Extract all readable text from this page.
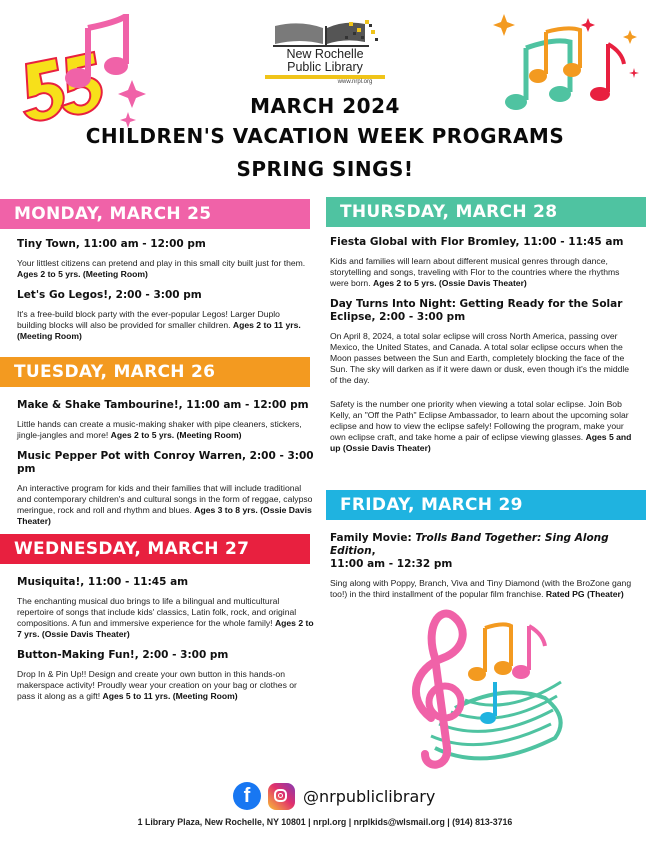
New Rochelle
Public Library
www.nrpl.org
MARCH 2024
CHILDREN'S VACATION WEEK PROGRAMS
SPRING SINGS!
MONDAY, MARCH 25
Tiny Town, 11:00 am - 12:00 pm
Your littlest citizens can pretend and play in this small city built just for them. Ages 2 to 5 yrs. (Meeting Room)
Let's Go Legos!, 2:00 - 3:00 pm
It's a free-build block party with the ever-popular Legos! Larger Duplo building blocks will also be provided for smaller children. Ages 2 to 11 yrs. (Meeting Room)
TUESDAY, MARCH 26
Make & Shake Tambourine!, 11:00 am - 12:00 pm
Little hands can create a music-making shaker with pipe cleaners, stickers, jingle-jangles and more! Ages 2 to 5 yrs. (Meeting Room)
Music Pepper Pot with Conroy Warren, 2:00 - 3:00 pm
An interactive program for kids and their families that will include traditional and contemporary children's and cultural songs in the form of reggae, calypso meringue, rock and roll and rhythm and blues. Ages 3 to 8 yrs. (Ossie Davis Theater)
WEDNESDAY, MARCH 27
Musiquita!, 11:00 - 11:45 am
The enchanting musical duo brings to life a bilingual and multicultural repertoire of songs that include kids' classics, Latin folk, rock, and original compositions. A fun and immersive experience for the whole family! Ages 2 to 7 yrs. (Ossie Davis Theater)
Button-Making Fun!, 2:00 - 3:00 pm
Drop In & Pin Up!! Design and create your own button in this hands-on makerspace activity! Proudly wear your creation on your bag or clothes or pass it along as a gift! Ages 5 to 11 yrs. (Meeting Room)
THURSDAY, MARCH 28
Fiesta Global with Flor Bromley, 11:00 - 11:45 am
Kids and families will learn about different musical genres through dance, storytelling and songs, traveling with Flor to the countries where the rhythms were born. Ages 2 to 5 yrs. (Ossie Davis Theater)
Day Turns Into Night: Getting Ready for the Solar Eclipse, 2:00 - 3:00 pm
On April 8, 2024, a total solar eclipse will cross North America, passing over Mexico, the United States, and Canada. A total solar eclipse occurs when the Moon passes between the Sun and Earth, completely blocking the face of the Sun. The sky will darken as if it were dawn or dusk, even though it's the middle of the day.
Safety is the number one priority when viewing a total solar eclipse. Join Bob Kelly, an "Off the Path" Eclipse Ambassador, to learn about the upcoming solar eclipse and how to view the eclipse safely! Following the program, make your own eclipse craft, and take home a pair of eclipse viewing glasses. Ages 5 and up (Ossie Davis Theater)
FRIDAY, MARCH 29
Family Movie: Trolls Band Together: Sing Along Edition,
11:00 am - 12:32 pm
Sing along with Poppy, Branch, Viva and Tiny Diamond (with the BroZone gang too!) in the third installment of the popular film franchise. Rated PG (Theater)
f	@nrpubliclibrary
1 Library Plaza, New Rochelle, NY 10801 | nrpl.org | nrplkids@wlsmail.org | (914) 813-3716
